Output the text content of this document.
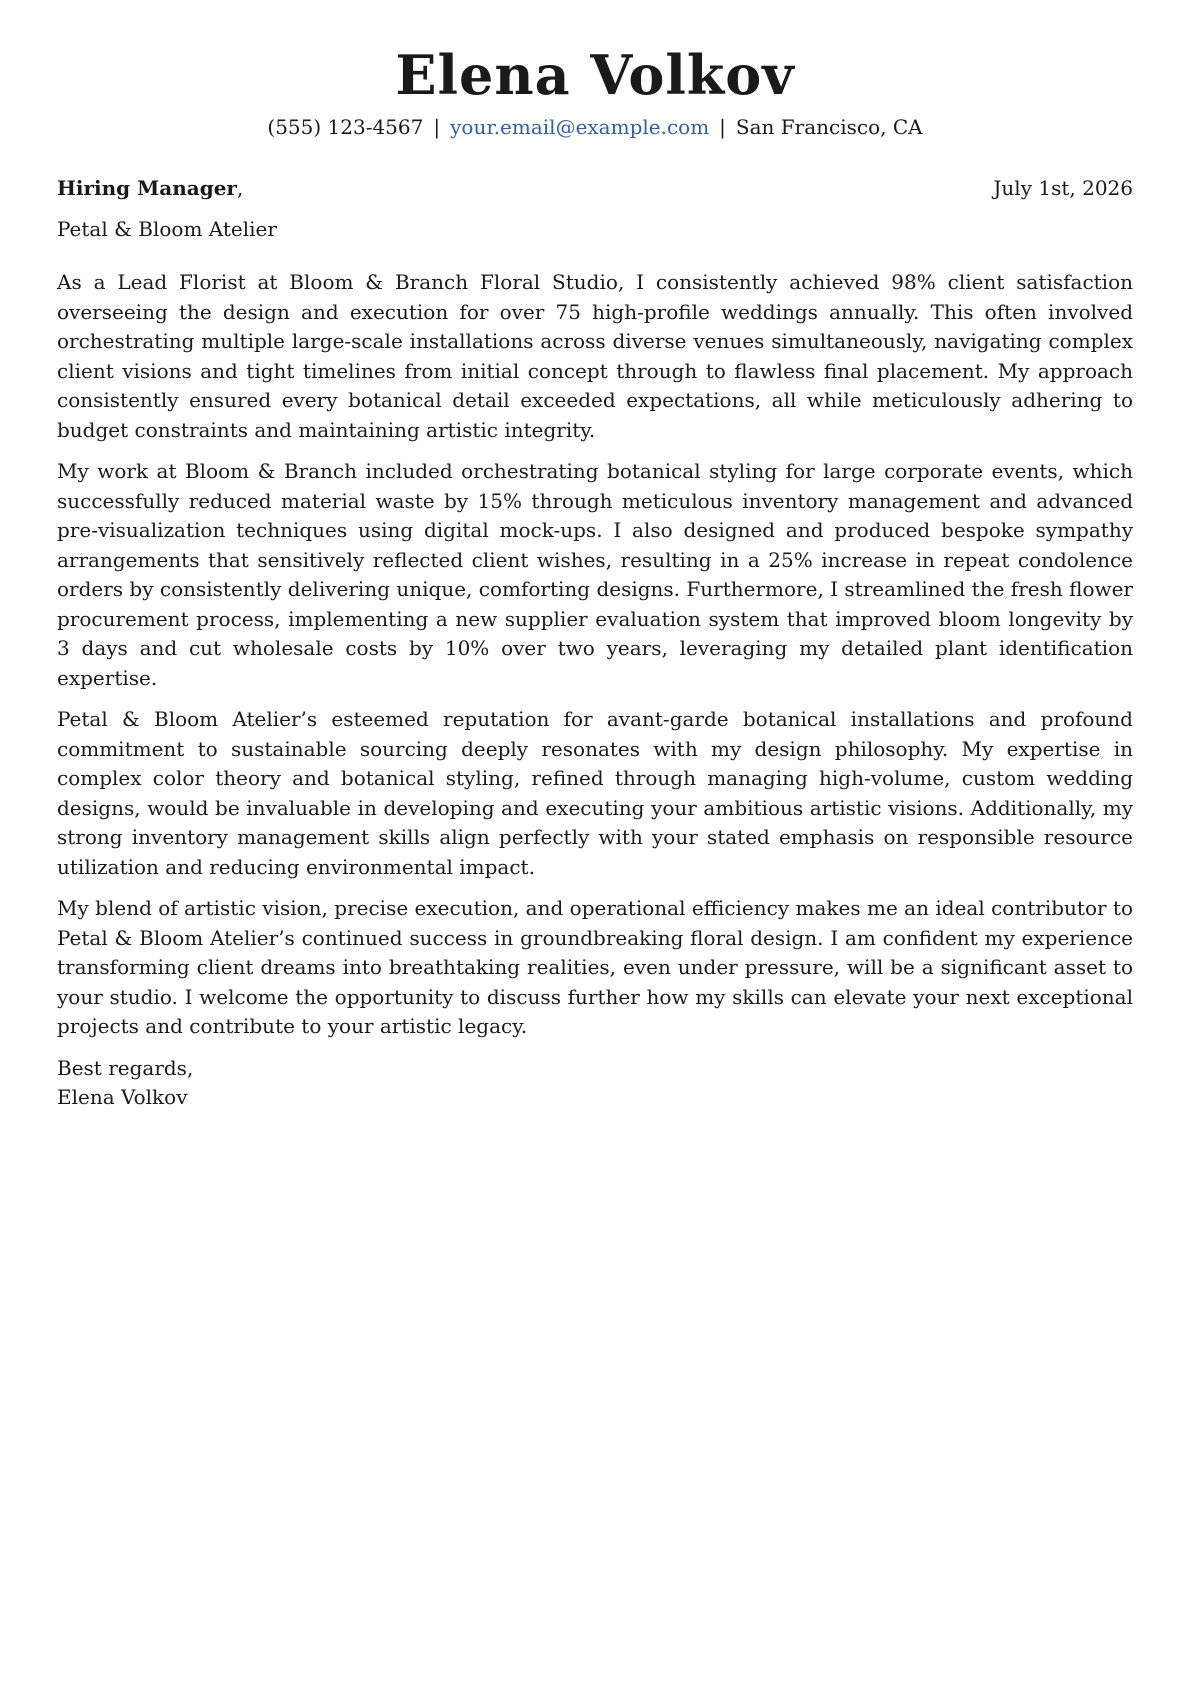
Elena Volkov
(555) 123-4567 | your.email@example.com | San Francisco, CA
Hiring Manager,	July 1st, 2026
Petal & Bloom Atelier

As a Lead Florist at Bloom & Branch Floral Studio, I consistently achieved 98% client satisfaction overseeing the design and execution for over 75 high-profile weddings annually. This often involved orchestrating multiple large-scale installations across diverse venues simultaneously, navigating complex client visions and tight timelines from initial concept through to flawless final placement. My approach consistently ensured every botanical detail exceeded expectations, all while meticulously adhering to budget constraints and maintaining artistic integrity.

My work at Bloom & Branch included orchestrating botanical styling for large corporate events, which successfully reduced material waste by 15% through meticulous inventory management and advanced pre-visualization techniques using digital mock-ups. I also designed and produced bespoke sympathy arrangements that sensitively reflected client wishes, resulting in a 25% increase in repeat condolence orders by consistently delivering unique, comforting designs. Furthermore, I streamlined the fresh flower procurement process, implementing a new supplier evaluation system that improved bloom longevity by 3 days and cut wholesale costs by 10% over two years, leveraging my detailed plant identification expertise.

Petal & Bloom Atelier’s esteemed reputation for avant-garde botanical installations and profound commitment to sustainable sourcing deeply resonates with my design philosophy. My expertise in complex color theory and botanical styling, refined through managing high-volume, custom wedding designs, would be invaluable in developing and executing your ambitious artistic visions. Additionally, my strong inventory management skills align perfectly with your stated emphasis on responsible resource utilization and reducing environmental impact.

My blend of artistic vision, precise execution, and operational efficiency makes me an ideal contributor to Petal & Bloom Atelier’s continued success in groundbreaking floral design. I am confident my experience transforming client dreams into breathtaking realities, even under pressure, will be a significant asset to your studio. I welcome the opportunity to discuss further how my skills can elevate your next exceptional projects and contribute to your artistic legacy.

Best regards,
Elena Volkov
